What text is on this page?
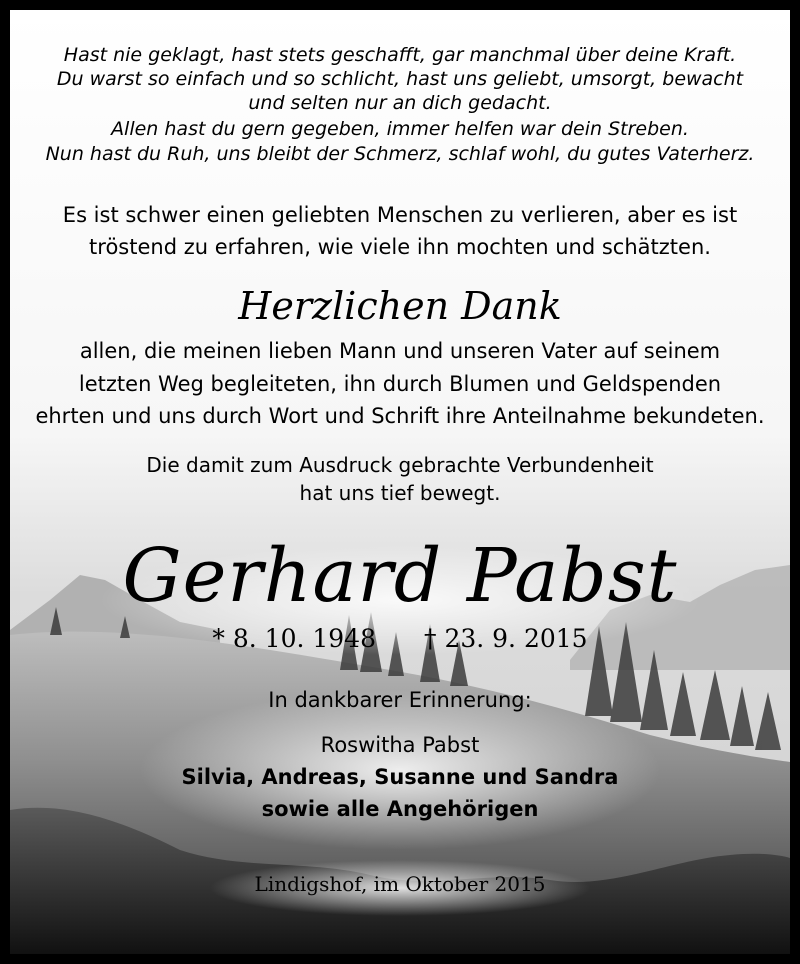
Hast nie geklagt, hast stets geschafft, gar manchmal über deine Kraft.
Du warst so einfach und so schlicht, hast uns geliebt, umsorgt, bewacht
und selten nur an dich gedacht.
Allen hast du gern gegeben, immer helfen war dein Streben.
Nun hast du Ruh, uns bleibt der Schmerz, schlaf wohl, du gutes Vaterherz.
Es ist schwer einen geliebten Menschen zu verlieren, aber es ist
tröstend zu erfahren, wie viele ihn mochten und schätzten.
Herzlichen Dank
allen, die meinen lieben Mann und unseren Vater auf seinem
letzten Weg begleiteten, ihn durch Blumen und Geldspenden
ehrten und uns durch Wort und Schrift ihre Anteilnahme bekundeten.
Die damit zum Ausdruck gebrachte Verbundenheit
hat uns tief bewegt.
Gerhard Pabst
* 8. 10. 1948 † 23. 9. 2015
In dankbarer Erinnerung:
Roswitha Pabst
Silvia, Andreas, Susanne und Sandra
sowie alle Angehörigen
Lindigshof, im Oktober 2015
